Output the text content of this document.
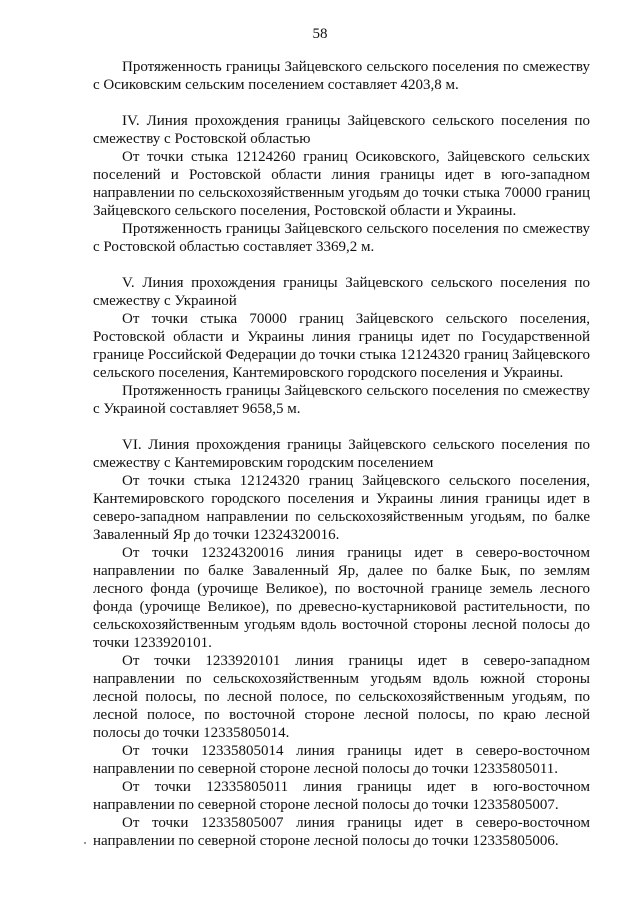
58

Протяженность границы Зайцевского сельского поселения по смежеству с Осиковским сельским поселением составляет 4203,8 м.

IV. Линия прохождения границы Зайцевского сельского поселения по смежеству с Ростовской областью

От точки стыка 12124260 границ Осиковского, Зайцевского сельских поселений и Ростовской области линия границы идет в юго-западном направлении по сельскохозяйственным угодьям до точки стыка 70000 границ Зайцевского сельского поселения, Ростовской области и Украины.

Протяженность границы Зайцевского сельского поселения по смежеству с Ростовской областью составляет 3369,2 м.

V. Линия прохождения границы Зайцевского сельского поселения по смежеству с Украиной

От точки стыка 70000 границ Зайцевского сельского поселения, Ростовской области и Украины линия границы идет по Государственной границе Российской Федерации до точки стыка 12124320 границ Зайцевского сельского поселения, Кантемировского городского поселения и Украины.

Протяженность границы Зайцевского сельского поселения по смежеству с Украиной составляет 9658,5 м.

VI. Линия прохождения границы Зайцевского сельского поселения по смежеству с Кантемировским городским поселением

От точки стыка 12124320 границ Зайцевского сельского поселения, Кантемировского городского поселения и Украины линия границы идет в северо-западном направлении по сельскохозяйственным угодьям, по балке Заваленный Яр до точки 12324320016.

От точки 12324320016 линия границы идет в северо-восточном направлении по балке Заваленный Яр, далее по балке Бык, по землям лесного фонда (урочище Великое), по восточной границе земель лесного фонда (урочище Великое), по древесно-кустарниковой растительности, по сельскохозяйственным угодьям вдоль восточной стороны лесной полосы до точки 1233920101.

От точки 1233920101 линия границы идет в северо-западном направлении по сельскохозяйственным угодьям вдоль южной стороны лесной полосы, по лесной полосе, по сельскохозяйственным угодьям, по лесной полосе, по восточной стороне лесной полосы, по краю лесной полосы до точки 12335805014.

От точки 12335805014 линия границы идет в северо-восточном направлении по северной стороне лесной полосы до точки 12335805011.

От точки 12335805011 линия границы идет в юго-восточном направлении по северной стороне лесной полосы до точки 12335805007.

От точки 12335805007 линия границы идет в северо-восточном направлении по северной стороне лесной полосы до точки 12335805006.
